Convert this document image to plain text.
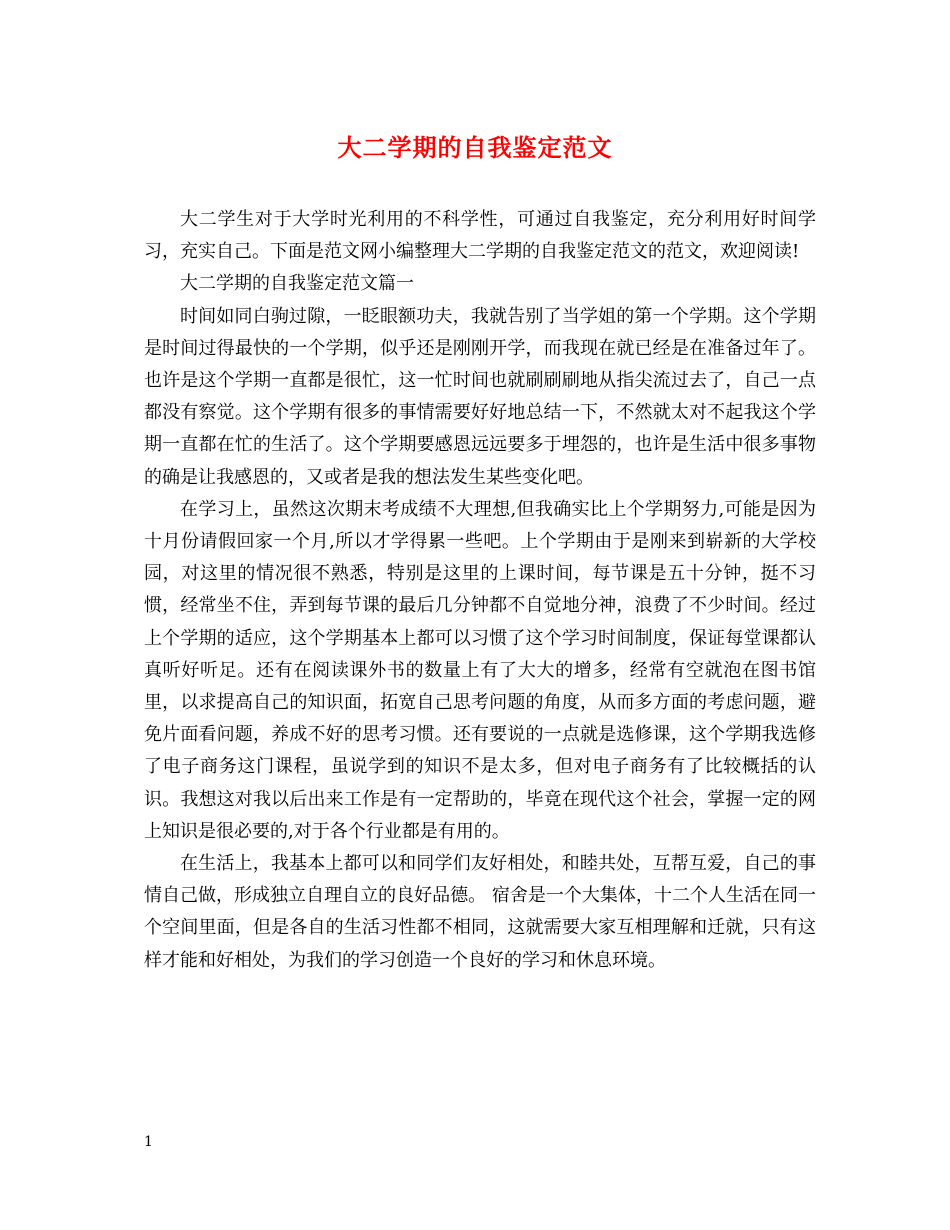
大二学期的自我鉴定范文

大二学生对于大学时光利用的不科学性，可通过自我鉴定，充分利用好时间学习，充实自己。下面是范文网小编整理大二学期的自我鉴定范文的范文，欢迎阅读!

大二学期的自我鉴定范文篇一

时间如同白驹过隙，一眨眼额功夫，我就告别了当学姐的第一个学期。这个学期是时间过得最快的一个学期，似乎还是刚刚开学，而我现在就已经是在准备过年了。也许是这个学期一直都是很忙，这一忙时间也就刷刷刷地从指尖流过去了，自己一点都没有察觉。这个学期有很多的事情需要好好地总结一下，不然就太对不起我这个学期一直都在忙的生活了。这个学期要感恩远远要多于埋怨的，也许是生活中很多事物的确是让我感恩的，又或者是我的想法发生某些变化吧。

在学习上，虽然这次期末考成绩不大理想,但我确实比上个学期努力,可能是因为十月份请假回家一个月,所以才学得累一些吧。上个学期由于是刚来到崭新的大学校园，对这里的情况很不熟悉，特别是这里的上课时间，每节课是五十分钟，挺不习惯，经常坐不住，弄到每节课的最后几分钟都不自觉地分神，浪费了不少时间。经过上个学期的适应，这个学期基本上都可以习惯了这个学习时间制度，保证每堂课都认真听好听足。还有在阅读课外书的数量上有了大大的增多，经常有空就泡在图书馆里，以求提高自己的知识面，拓宽自己思考问题的角度，从而多方面的考虑问题，避免片面看问题，养成不好的思考习惯。还有要说的一点就是选修课，这个学期我选修了电子商务这门课程，虽说学到的知识不是太多，但对电子商务有了比较概括的认识。我想这对我以后出来工作是有一定帮助的，毕竟在现代这个社会，掌握一定的网上知识是很必要的,对于各个行业都是有用的。

在生活上，我基本上都可以和同学们友好相处，和睦共处，互帮互爱，自己的事情自己做，形成独立自理自立的良好品德。 宿舍是一个大集体，十二个人生活在同一个空间里面，但是各自的生活习性都不相同，这就需要大家互相理解和迁就，只有这样才能和好相处，为我们的学习创造一个良好的学习和休息环境。

1
